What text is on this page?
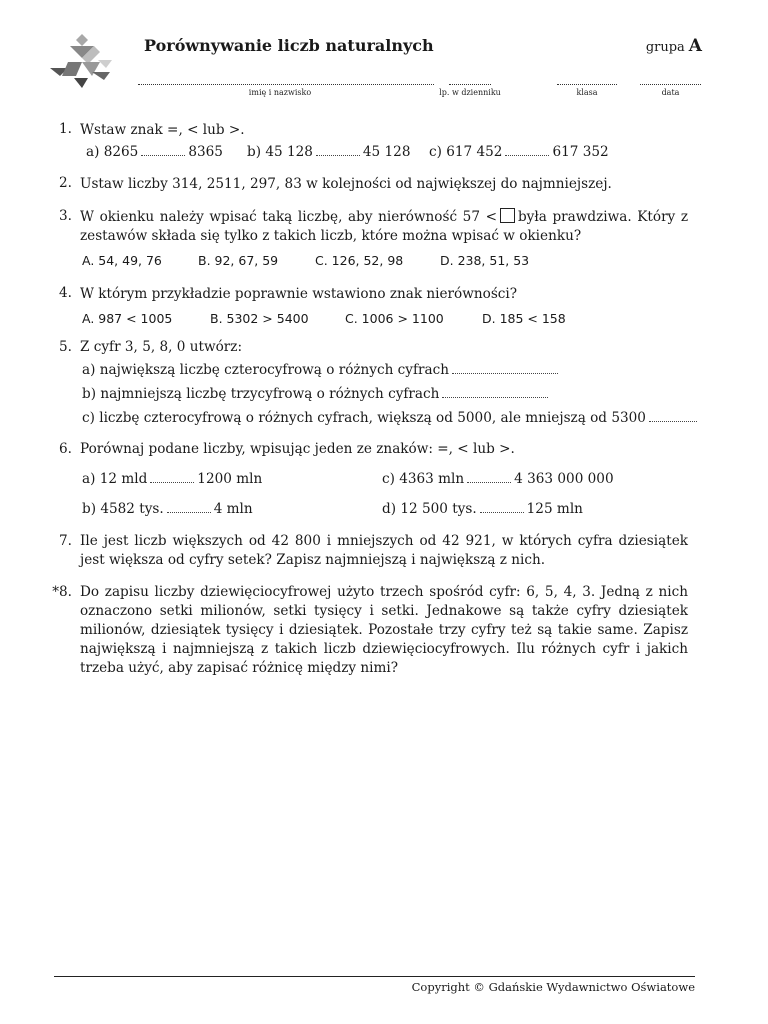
Porównywanie liczb naturalnych	grupa A
imię i nazwisko	lp. w dzienniku	klasa	data
1. Wstaw znak =, < lub >.
a) 8265	8365 b) 45 128	45 128 c) 617 452	617 352
2. Ustaw liczby 314, 2511, 297, 83 w kolejności od największej do najmniejszej.
3. W okienku należy wpisać taką liczbę, aby nierówność 57 < była prawdziwa. Który z zestawów składa się tylko z takich liczb, które można wpisać w okienku?
A. 54, 49, 76	B. 92, 67, 59	C. 126, 52, 98	D. 238, 51, 53
4. W którym przykładzie poprawnie wstawiono znak nierówności?
A. 987 < 1005	B. 5302 > 5400	C. 1006 > 1100	D. 185 < 158
5. Z cyfr 3, 5, 8, 0 utwórz:
a) największą liczbę czterocyfrową o różnych cyfrach
b) najmniejszą liczbę trzycyfrową o różnych cyfrach
c) liczbę czterocyfrową o różnych cyfrach, większą od 5000, ale mniejszą od 5300
6. Porównaj podane liczby, wpisując jeden ze znaków: =, < lub >.
a) 12 mld	1200 mln	c) 4363 mln	4 363 000 000
b) 4582 tys.	4 mln	d) 12 500 tys.	125 mln
7. Ile jest liczb większych od 42 800 i mniejszych od 42 921, w których cyfra dziesiątek jest większa od cyfry setek? Zapisz najmniejszą i największą z nich.
*8. Do zapisu liczby dziewięciocyfrowej użyto trzech spośród cyfr: 6, 5, 4, 3. Jedną z nich oznaczono setki milionów, setki tysięcy i setki. Jednakowe są także cyfry dziesiątek milionów, dziesiątek tysięcy i dziesiątek. Pozostałe trzy cyfry też są takie same. Zapisz największą i najmniejszą z takich liczb dziewięciocyfrowych. Ilu różnych cyfr i jakich trzeba użyć, aby zapisać różnicę między nimi?
Copyright © Gdańskie Wydawnictwo Oświatowe
